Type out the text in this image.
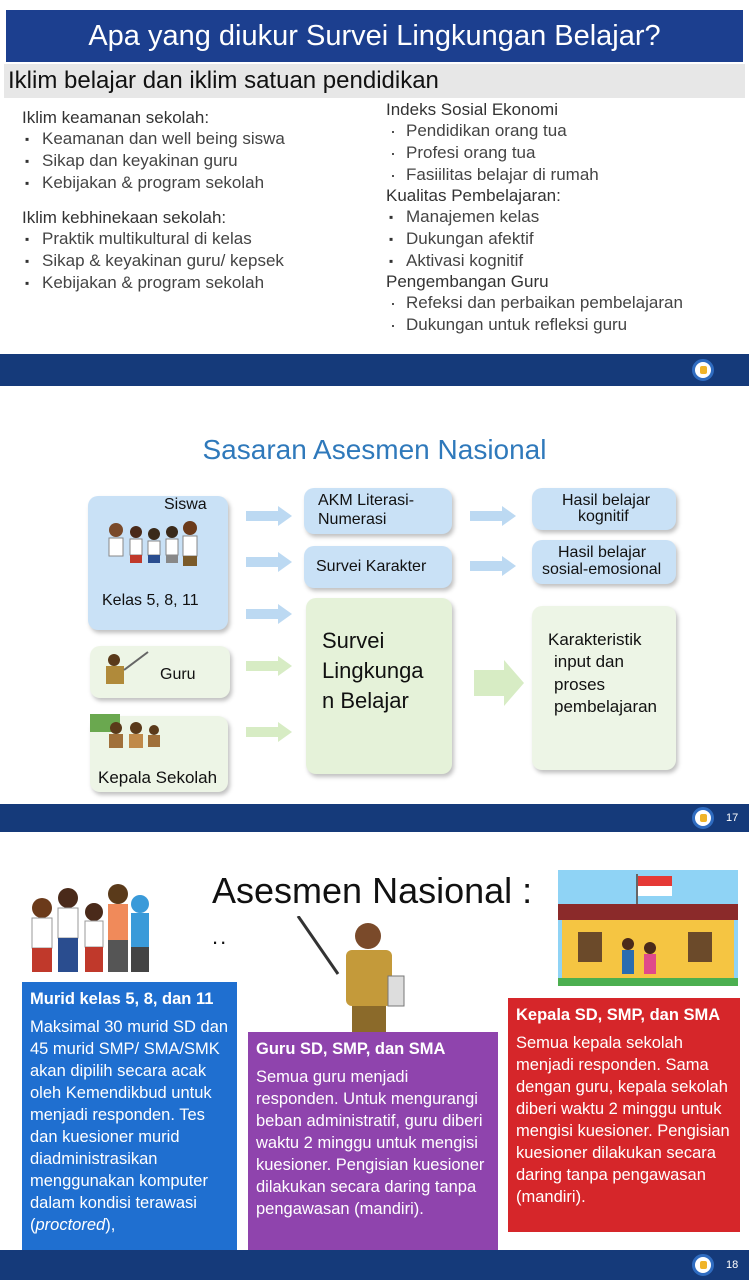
Apa yang diukur Survei Lingkungan Belajar?
Iklim belajar dan iklim satuan pendidikan
Iklim keamanan sekolah:
▪ Keamanan dan well being siswa
▪ Sikap dan keyakinan guru
▪ Kebijakan & program sekolah
Iklim kebhinekaan sekolah:
▪ Praktik multikultural di kelas
▪ Sikap & keyakinan guru/ kepsek
▪ Kebijakan & program sekolah
Indeks Sosial Ekonomi
· Pendidikan orang tua
· Profesi orang tua
· Fasiilitas belajar di rumah
Kualitas Pembelajaran:
▪ Manajemen kelas
▪ Dukungan afektif
▪ Aktivasi kognitif
Pengembangan Guru
· Refeksi dan perbaikan pembelajaran
· Dukungan untuk refleksi guru
Sasaran Asesmen Nasional
Siswa
Kelas 5, 8, 11
Guru
Kepala Sekolah
AKM Literasi-
Numerasi
Survei Karakter
Survei
Lingkunga
n Belajar
Hasil belajar
kognitif
Hasil belajar
sosial-emosional
Karakteristik
input dan
proses
pembelajaran
17
Asesmen Nasional :
..
Murid kelas 5, 8, dan 11
Maksimal 30 murid SD dan 45 murid SMP/ SMA/SMK akan dipilih secara acak oleh Kemendikbud untuk menjadi responden. Tes dan kuesioner murid diadministrasikan menggunakan komputer dalam kondisi terawasi (proctored),
Guru SD, SMP, dan SMA
Semua guru menjadi responden. Untuk mengurangi beban administratif, guru diberi waktu 2 minggu untuk mengisi kuesioner. Pengisian kuesioner dilakukan secara daring tanpa pengawasan (mandiri).
Kepala SD, SMP, dan SMA
Semua kepala sekolah menjadi responden. Sama dengan guru, kepala sekolah diberi waktu 2 minggu untuk mengisi kuesioner. Pengisian kuesioner dilakukan secara daring tanpa pengawasan (mandiri).
18
